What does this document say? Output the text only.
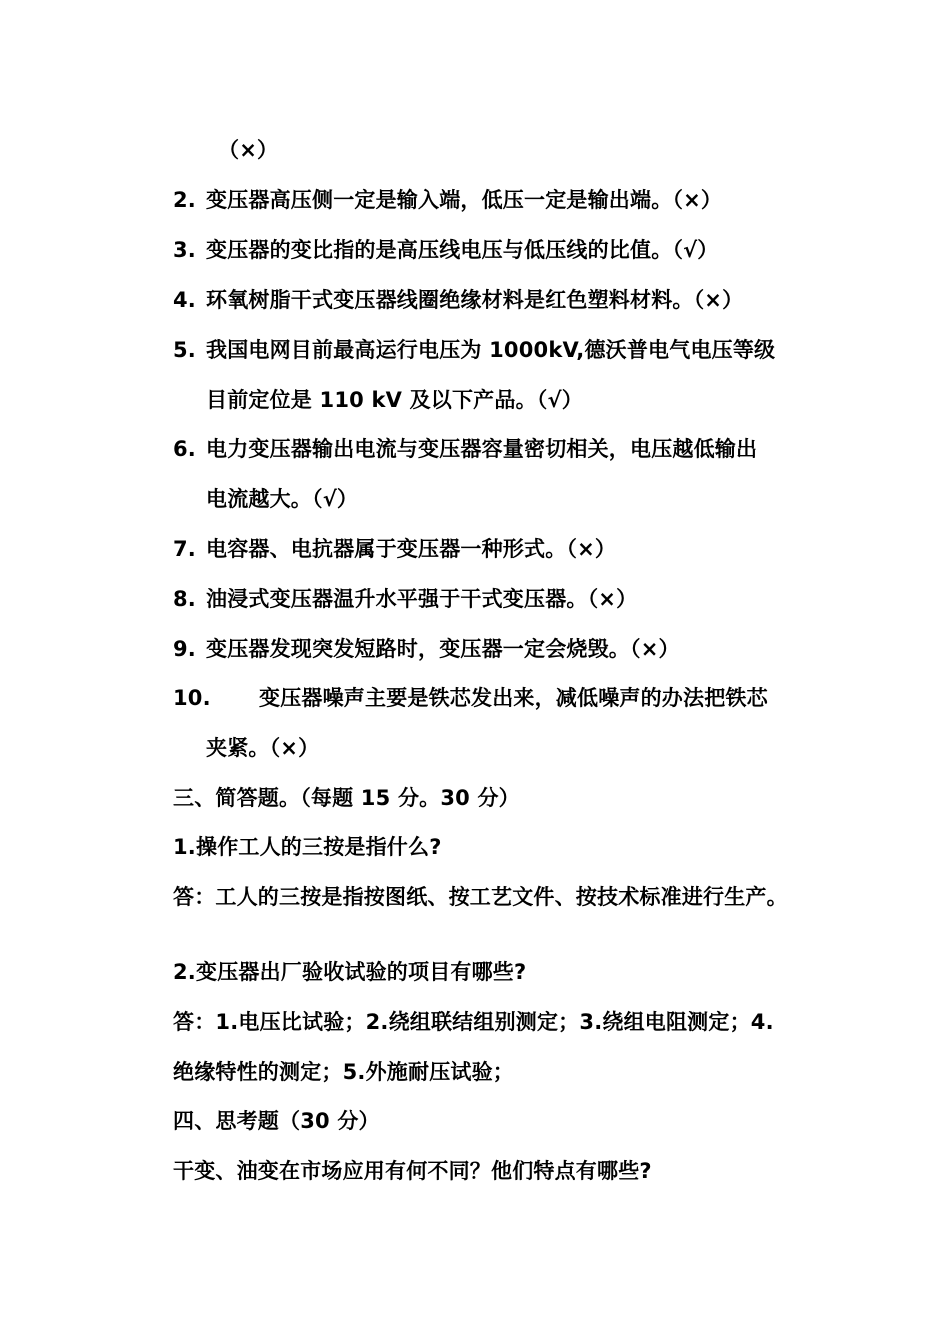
（×）
2. 变压器高压侧一定是输入端，低压一定是输出端。（×）
3. 变压器的变比指的是高压线电压与低压线的比值。（√）
4. 环氧树脂干式变压器线圈绝缘材料是红色塑料材料。（×）
5. 我国电网目前最高运行电压为 1000kV,德沃普电气电压等级
目前定位是 110 kV 及以下产品。（√）
6. 电力变压器输出电流与变压器容量密切相关，电压越低输出
电流越大。（√）
7. 电容器、电抗器属于变压器一种形式。（×）
8. 油浸式变压器温升水平强于干式变压器。（×）
9. 变压器发现突发短路时，变压器一定会烧毁。（×）
10. 变压器噪声主要是铁芯发出来，减低噪声的办法把铁芯
夹紧。（×）
三、简答题。（每题 15 分。30 分）
1.操作工人的三按是指什么?
答：工人的三按是指按图纸、按工艺文件、按技术标准进行生产。
2.变压器出厂验收试验的项目有哪些?
答：1.电压比试验；2.绕组联结组别测定；3.绕组电阻测定；4.
绝缘特性的测定；5.外施耐压试验；
四、思考题（30 分）
干变、油变在市场应用有何不同？他们特点有哪些?
